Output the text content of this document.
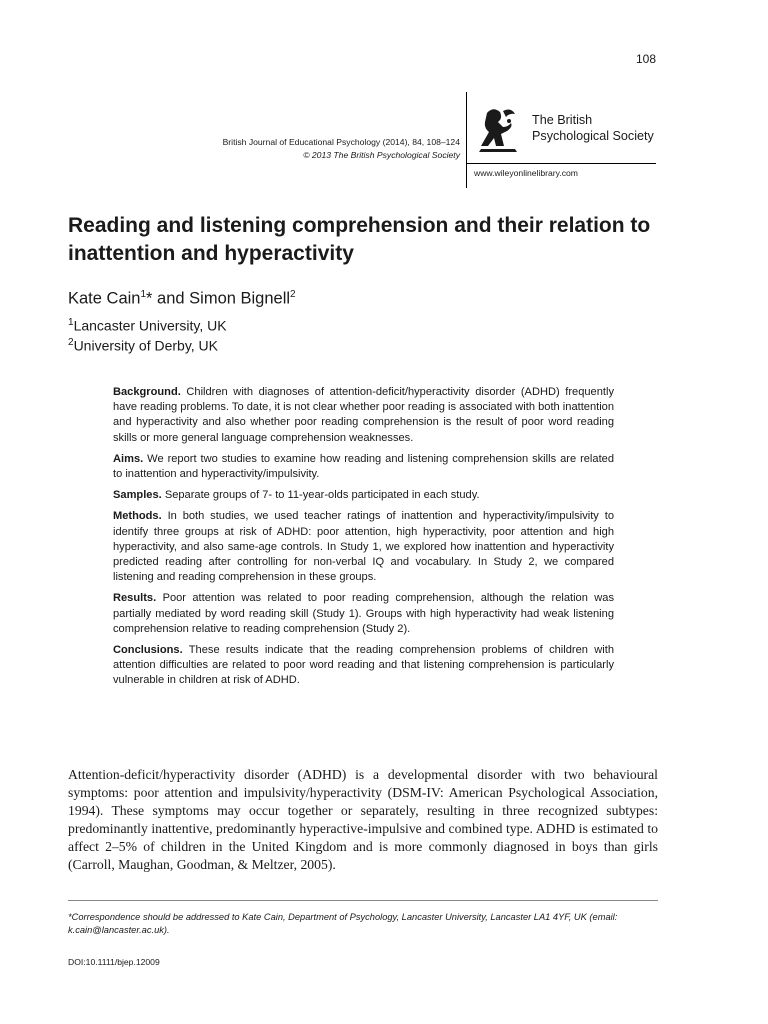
108
British Journal of Educational Psychology (2014), 84, 108–124
© 2013 The British Psychological Society
The British
Psychological Society
www.wileyonlinelibrary.com
Reading and listening comprehension and their relation to inattention and hyperactivity
Kate Cain$^1$* and Simon Bignell$^2$
$^1$Lancaster University, UK
$^2$University of Derby, UK

Background. Children with diagnoses of attention-deficit/hyperactivity disorder (ADHD) frequently have reading problems. To date, it is not clear whether poor reading is associated with both inattention and hyperactivity and also whether poor reading comprehension is the result of poor word reading skills or more general language comprehension weaknesses.

Aims. We report two studies to examine how reading and listening comprehension skills are related to inattention and hyperactivity/impulsivity.

Samples. Separate groups of 7- to 11-year-olds participated in each study.

Methods. In both studies, we used teacher ratings of inattention and hyperactivity/impulsivity to identify three groups at risk of ADHD: poor attention, high hyperactivity, poor attention and high hyperactivity, and also same-age controls. In Study 1, we explored how inattention and hyperactivity predicted reading after controlling for non-verbal IQ and vocabulary. In Study 2, we compared listening and reading comprehension in these groups.

Results. Poor attention was related to poor reading comprehension, although the relation was partially mediated by word reading skill (Study 1). Groups with high hyperactivity had weak listening comprehension relative to reading comprehension (Study 2).

Conclusions. These results indicate that the reading comprehension problems of children with attention difficulties are related to poor word reading and that listening comprehension is particularly vulnerable in children at risk of ADHD.

Attention-deficit/hyperactivity disorder (ADHD) is a developmental disorder with two behavioural symptoms: poor attention and impulsivity/hyperactivity (DSM-IV: American Psychological Association, 1994). These symptoms may occur together or separately, resulting in three recognized subtypes: predominantly inattentive, predominantly hyperactive-impulsive and combined type. ADHD is estimated to affect 2–5% of children in the United Kingdom and is more commonly diagnosed in boys than girls (Carroll, Maughan, Goodman, & Meltzer, 2005).

*Correspondence should be addressed to Kate Cain, Department of Psychology, Lancaster University, Lancaster LA1 4YF, UK (email: k.cain@lancaster.ac.uk).
DOI:10.1111/bjep.12009
